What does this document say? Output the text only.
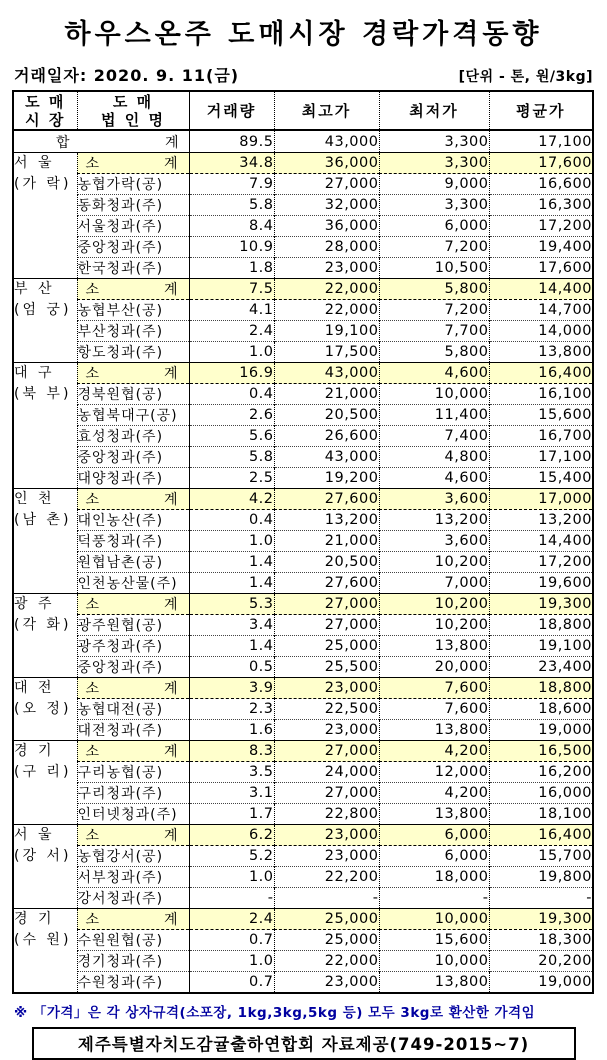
하우스온주 도매시장 경락가격동향
거래일자: 2020. 9. 11(금)	[단위 - 톤, 원/3kg]
도 매
시 장

도 매
법 인 명	거래량	최고가	최저가	평균가

합 계		89.5	43,000	3,300	17,100

서 울
(가 락)

소	계	34.8	36,000	3,300	17,600
	농협가락(공)	7.9	27,000	9,000	16,600
	동화청과(주)	5.8	32,000	3,300	16,300
	서울청과(주)	8.4	36,000	6,000	17,200
	중앙청과(주)	10.9	28,000	7,200	19,400
	한국청과(주)	1.8	23,000	10,500	17,600

부 산
(엄 궁)

소	계	7.5	22,000	5,800	14,400
	농협부산(공)	4.1	22,000	7,200	14,700
	부산청과(주)	2.4	19,100	7,700	14,000
	항도청과(주)	1.0	17,500	5,800	13,800

대 구
(북 부)

소	계	16.9	43,000	4,600	16,400
	경북원협(공)	0.4	21,000	10,000	16,100
	농협북대구(공)	2.6	20,500	11,400	15,600
	효성청과(주)	5.6	26,600	7,400	16,700
	중앙청과(주)	5.8	43,000	4,800	17,100
	대양청과(주)	2.5	19,200	4,600	15,400

인 천
(남 촌)

소	계	4.2	27,600	3,600	17,000
	대인농산(주)	0.4	13,200	13,200	13,200
	덕풍청과(주)	1.0	21,000	3,600	14,400
	원협남촌(공)	1.4	20,500	10,200	17,200
	인천농산물(주)	1.4	27,600	7,000	19,600

광 주
(각 화)

소	계	5.3	27,000	10,200	19,300
	광주원협(공)	3.4	27,000	10,200	18,800
	광주청과(주)	1.4	25,000	13,800	19,100
	중앙청과(주)	0.5	25,500	20,000	23,400

대 전
(오 정)

소	계	3.9	23,000	7,600	18,800
	농협대전(공)	2.3	22,500	7,600	18,600
	대전청과(주)	1.6	23,000	13,800	19,000

경 기
(구 리)

소	계	8.3	27,000	4,200	16,500
	구리농협(공)	3.5	24,000	12,000	16,200
	구리청과(주)	3.1	27,000	4,200	16,000
	인터넷청과(주)	1.7	22,800	13,800	18,100

서 울
(강 서)

소	계	6.2	23,000	6,000	16,400
	농협강서(공)	5.2	23,000	6,000	15,700
	서부청과(주)	1.0	22,200	18,000	19,800
	강서청과(주)	-	-	-	-

경 기
(수 원)

소	계	2.4	25,000	10,000	19,300
	수원원협(공)	0.7	25,000	15,600	18,300
	경기청과(주)	1.0	22,000	10,000	20,200
	수원청과(주)	0.7	23,000	13,800	19,000
※ 「가격」은 각 상자규격(소포장, 1kg,3kg,5kg 등) 모두 3kg로 환산한 가격임
제주특별자치도감귤출하연합회 자료제공(749-2015~7)
